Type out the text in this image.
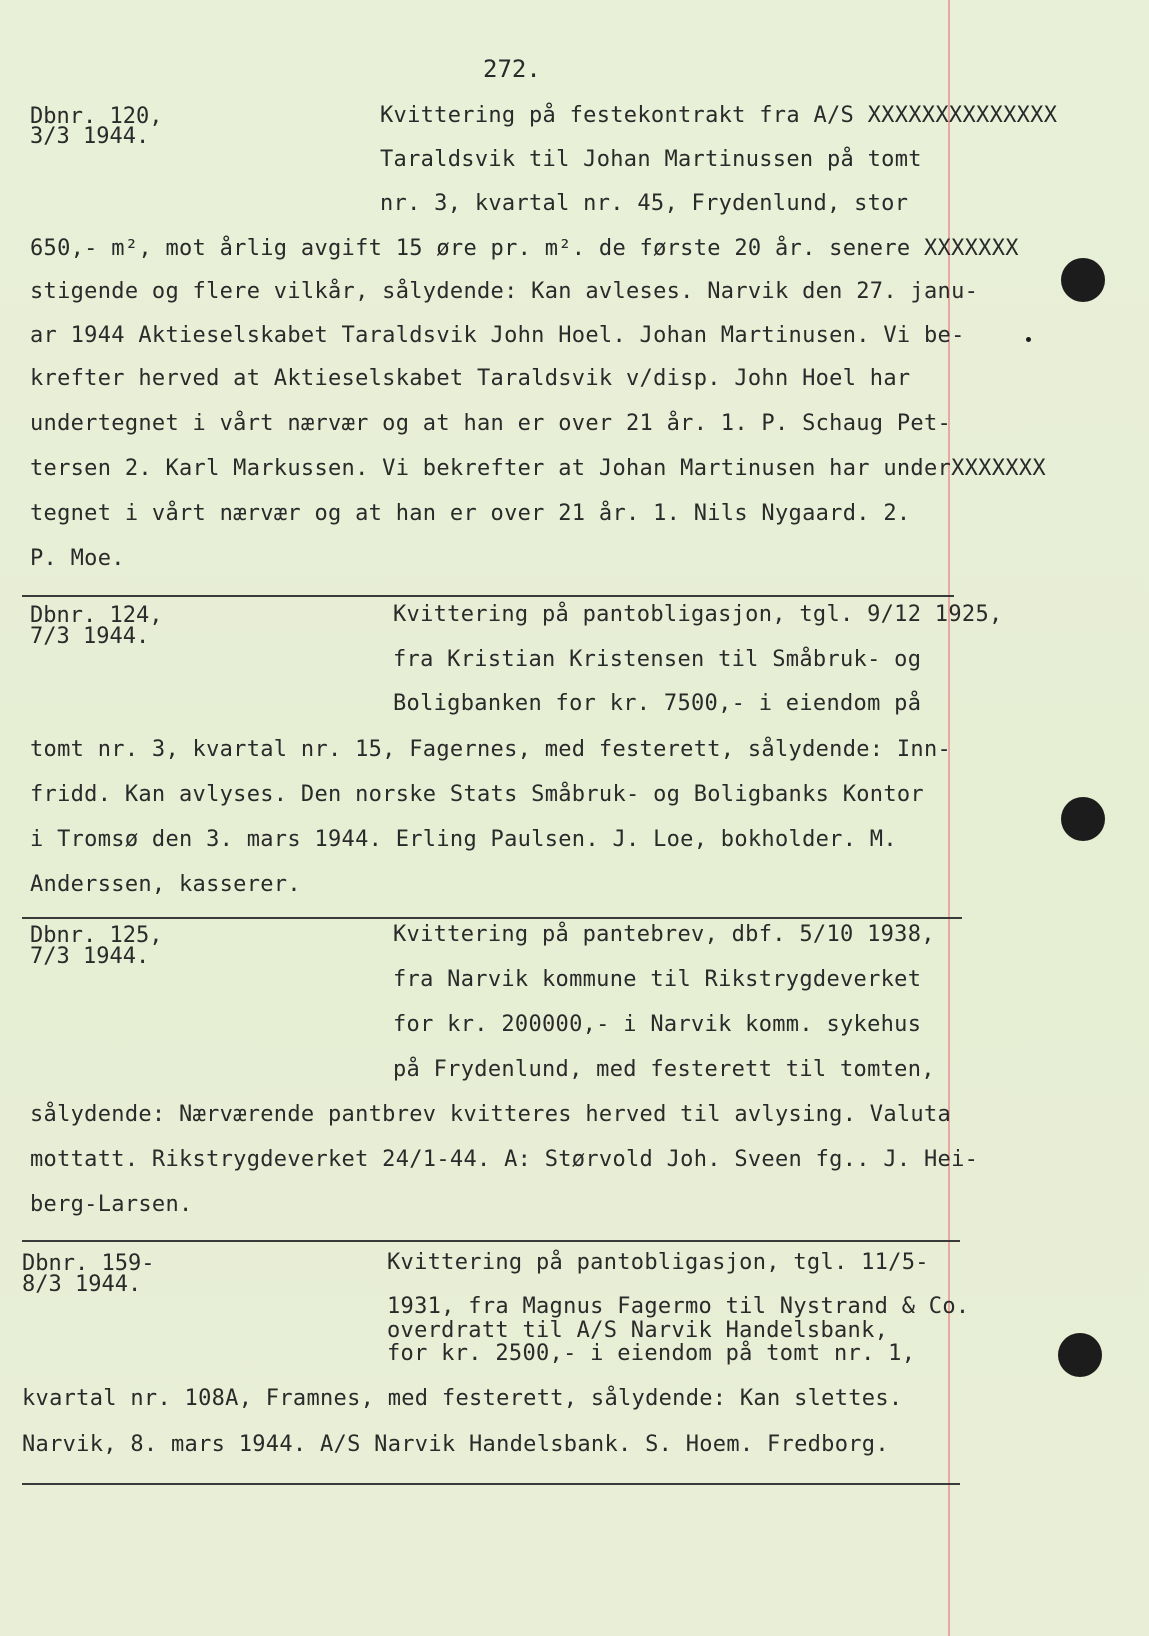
272.
Dbnr. 120,
3/3 1944.
Kvittering på festekontrakt fra A/S XXXXXXXXXXXXXX
Taraldsvik til Johan Martinussen på tomt
nr. 3, kvartal nr. 45, Frydenlund, stor
650,- m², mot årlig avgift 15 øre pr. m². de første 20 år. senere XXXXXXX
stigende og flere vilkår, sålydende: Kan avleses. Narvik den 27. janu-
ar 1944 Aktieselskabet Taraldsvik John Hoel. Johan Martinusen. Vi be-
krefter herved at Aktieselskabet Taraldsvik v/disp. John Hoel har
undertegnet i vårt nærvær og at han er over 21 år. 1. P. Schaug Pet-
tersen 2. Karl Markussen. Vi bekrefter at Johan Martinusen har underXXXXXXX
tegnet i vårt nærvær og at han er over 21 år. 1. Nils Nygaard. 2.
P. Moe.
Dbnr. 124,
7/3 1944.
Kvittering på pantobligasjon, tgl. 9/12 1925,
fra Kristian Kristensen til Småbruk- og
Boligbanken for kr. 7500,- i eiendom på
tomt nr. 3, kvartal nr. 15, Fagernes, med festerett, sålydende: Inn-
fridd. Kan avlyses. Den norske Stats Småbruk- og Boligbanks Kontor
i Tromsø den 3. mars 1944. Erling Paulsen. J. Loe, bokholder. M.
Anderssen, kasserer.
Dbnr. 125,
7/3 1944.
Kvittering på pantebrev, dbf. 5/10 1938,
fra Narvik kommune til Rikstrygdeverket
for kr. 200000,- i Narvik komm. sykehus
på Frydenlund, med festerett til tomten,
sålydende: Nærværende pantbrev kvitteres herved til avlysing. Valuta
mottatt. Rikstrygdeverket 24/1-44. A: Størvold Joh. Sveen fg.. J. Hei-
berg-Larsen.
Dbnr. 159-
8/3 1944.
Kvittering på pantobligasjon, tgl. 11/5-
1931, fra Magnus Fagermo til Nystrand & Co.
overdratt til A/S Narvik Handelsbank,
for kr. 2500,- i eiendom på tomt nr. 1,
kvartal nr. 108A, Framnes, med festerett, sålydende: Kan slettes.
Narvik, 8. mars 1944. A/S Narvik Handelsbank. S. Hoem. Fredborg.
